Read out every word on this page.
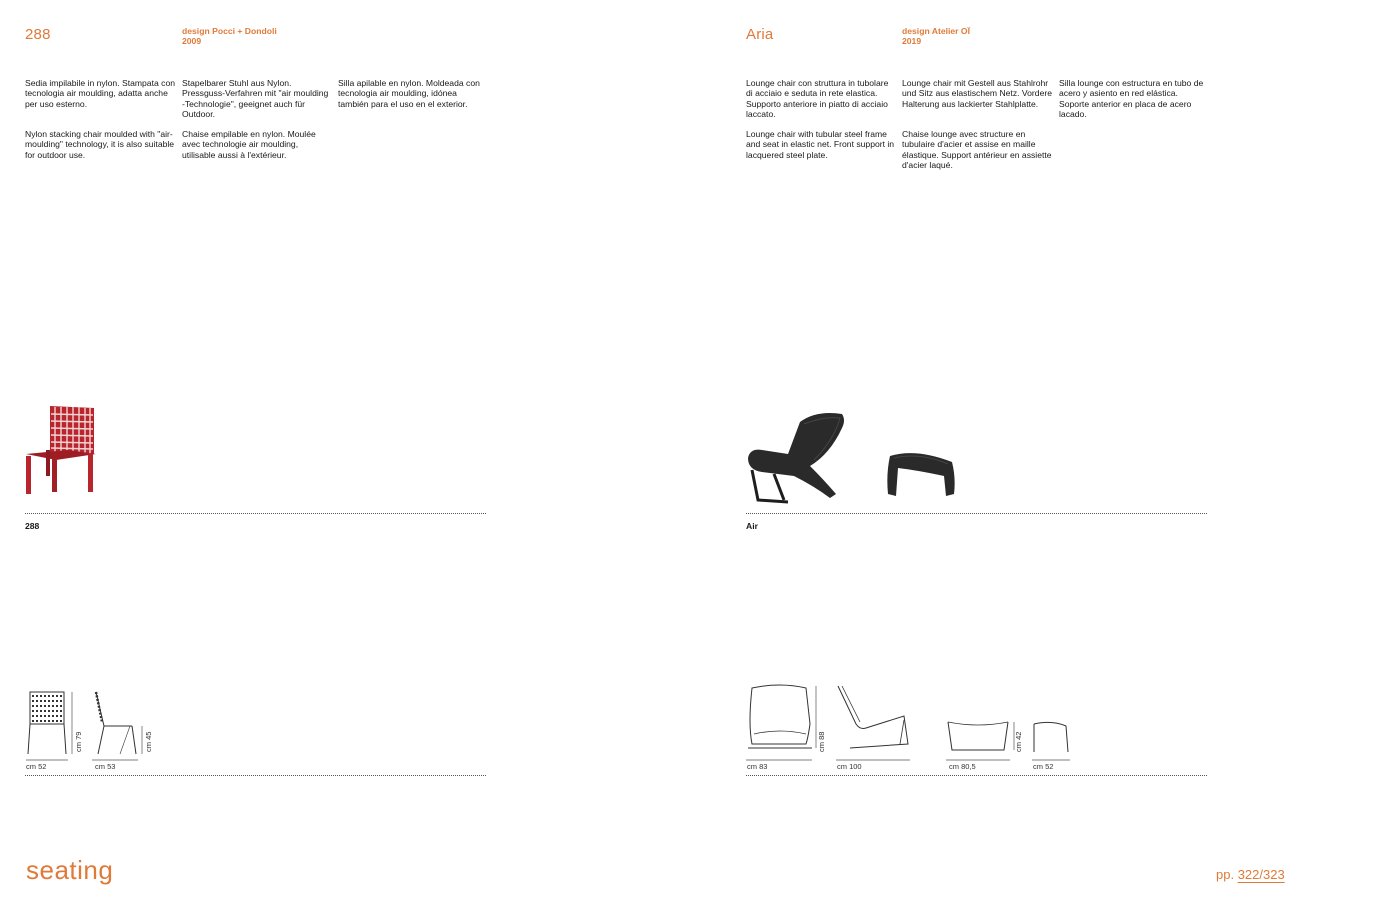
288	design Pocci + Dondoli
2009
Sedia impilabile in nylon. Stampata con tecnologia air moulding, adatta anche per uso esterno.
Nylon stacking chair moulded with "air-moulding" technology, it is also suitable for outdoor use.
Stapelbarer Stuhl aus Nylon. Pressguss-Verfahren mit "air moulding -Technologie", geeignet auch für Outdoor.
Chaise empilable en nylon. Moulée avec technologie air moulding, utilisable aussi à l'extérieur.
Silla apilable en nylon. Moldeada con tecnologia air moulding, idónea también para el uso en el exterior.
288
cm 79
cm 52
cm 45
cm 53
seating
Aria	design Atelier OÏ
2019
Lounge chair con struttura in tubolare di acciaio e seduta in rete elastica. Supporto anteriore in piatto di acciaio laccato.
Lounge chair with tubular steel frame and seat in elastic net. Front support in lacquered steel plate.
Lounge chair mit Gestell aus Stahlrohr und Sitz aus elastischem Netz. Vordere Halterung aus lackierter Stahlplatte.
Chaise lounge avec structure en tubulaire d'acier et assise en maille élastique. Support antérieur en assiette d'acier laqué.
Silla lounge con estructura en tubo de acero y asiento en red elástica. Soporte anterior en placa de acero lacado.
Air
cm 88
cm 83	cm 100
cm 42
cm 80,5	cm 52
pp. 322/323
